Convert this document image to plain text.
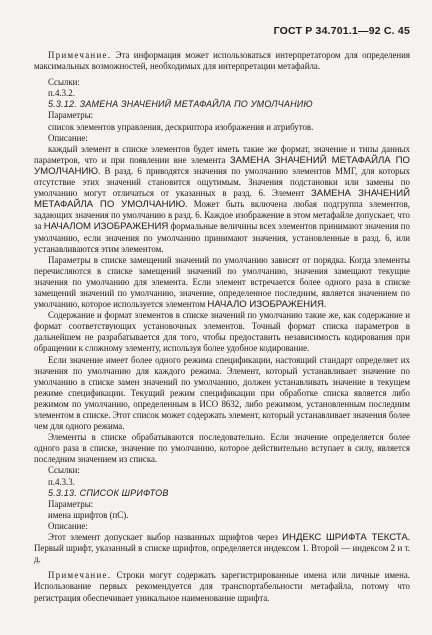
ГОСТ Р 34.701.1—92 С. 45

Примечание. Эта информация может использоваться интерпретатором для определения максимальных возможностей, необходимых для интерпретации метафайла.

Ссылки:

п.4.3.2.

5.3.12. ЗАМЕНА ЗНАЧЕНИЙ МЕТАФАЙЛА ПО УМОЛЧАНИЮ

Параметры:

список элементов управления, дескриптора изображения и атрибутов.

Описание:

каждый элемент в списке элементов будет иметь такие же формат, значение и типы данных параметров, что и при появлении вне элемента ЗАМЕНА ЗНАЧЕНИЙ МЕТАФАЙЛА ПО УМОЛЧАНИЮ. В разд. 6 приводятся значения по умолчанию элементов ММГ, для которых отсутствие этих значений становится ощутимым. Значения подстановки или замены по умолчанию могут отличаться от указанных в разд. 6. Элемент ЗАМЕНА ЗНАЧЕНИЙ МЕТАФАЙЛА ПО УМОЛЧАНИЮ. Может быть включена любая подгруппа элементов, задающих значения по умолчанию в разд. 6. Каждое изображение в этом метафайле допускает, что за НАЧАЛОМ ИЗОБРАЖЕНИЯ формальные величины всех элементов принимают значения по умолчанию, если значения по умолчанию принимают значения, установленные в разд. 6, или устанавливаются этим элементом.

Параметры в списке замещений значений по умолчанию зависят от порядка. Когда элементы перечисляются в списке замещений значений по умолчанию, значения замещают текущие значения по умолчанию для элемента. Если элемент встречается более одного раза в списке замещений значений по умолчанию, значение, определенное последним, является значением по умолчанию, которое используется элементом НАЧАЛО ИЗОБРАЖЕНИЯ.

Содержание и формат элементов в списке значений по умолчанию такие же, как содержание и формат соответствующих установочных элементов. Точный формат списка параметров в дальнейшем не разрабатывается для того, чтобы предоставить независимость кодирования при обращении к сложному элементу, используя более удобное кодирование.

Если значение имеет более одного режима спецификации, настоящий стандарт определяет их значения по умолчанию для каждого режима. Элемент, который устанавливает значение по умолчанию в списке замен значений по умолчанию, должен устанавливать значение в текущем режиме спецификации. Текущий режим спецификации при обработке списка является либо режимом по умолчанию, определенным в ИСО 8632, либо режимом, установленным последним элементом в списке. Этот список может содержать элемент, который устанавливает значения более чем для одного режима.

Элементы в списке обрабатываются последовательно. Если значение определяется более одного раза в списке, значение по умолчанию, которое действительно вступает в силу, является последним значением из списка.

Ссылки:

п.4.3.3.

5.3.13. СПИСОК ШРИФТОВ

Параметры:

имена шрифтов (пС).

Описание:

Этот элемент допускает выбор названных шрифтов через ИНДЕКС ШРИФТА ТЕКСТА. Первый шрифт, указанный в списке шрифтов, определяется индексом 1. Второй — индексом 2 и т. д.

Примечание. Строки могут содержать зарегистрированные имена или личные имена. Использование первых рекомендуется для транспортабельности метафайла, потому что регистрация обеспечивает уникальное наименование шрифта.
